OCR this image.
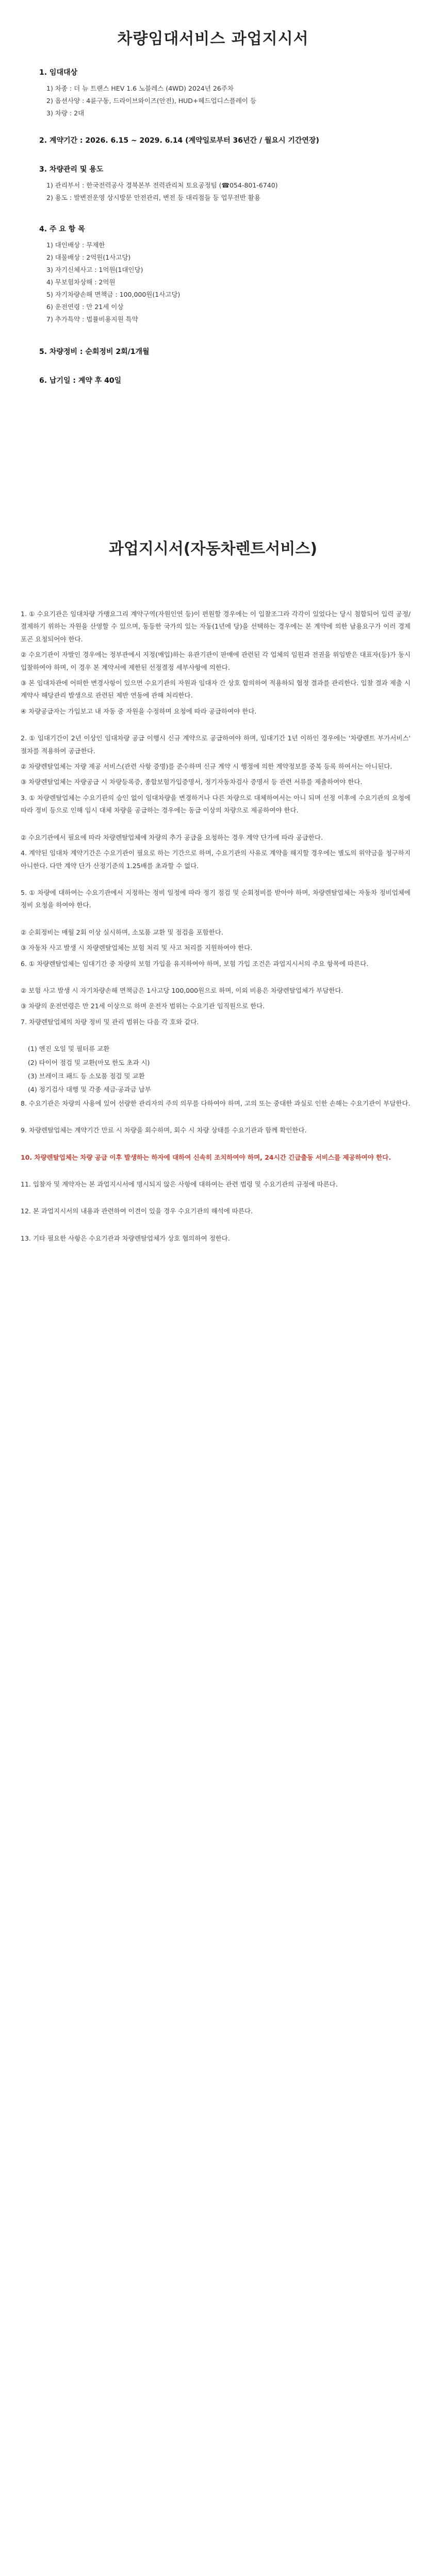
차량임대서비스 과업지시서
1. 임대대상
1) 차종 : 더 뉴 트랜스 HEV 1.6 노블레스 (4WD) 2024년 26주차
2) 옵션사양 : 4륜구동, 드라이브와이즈(안전), HUD+헤드업디스플레이 등
3) 차량 : 2대
2. 계약기간 : 2026. 6.15 ~ 2029. 6.14 (계약일로부터 36년간 / 월요시 기간연장)
3. 차량관리 및 용도
1) 관리부서 : 한국전력공사 경북본부 전력관리처 토요공정팀 (☎054-801-6740)
2) 용도 : 발변전운영 상시방문 안전관리, 변전 등 대리점들 등 업무전반 활용
4. 주 요 항 목
1) 대인배상 : 무제한
2) 대물배상 : 2억원(1사고당)
3) 자기신체사고 : 1억원(1대인당)
4) 무보험차상해 : 2억원
5) 자기차량손해 면책금 : 100,000원(1사고당)
6) 운전연령 : 만 21세 이상
7) 추가특약 : 법률비용지원 특약
5. 차량정비 : 순회정비 2회/1개월
6. 납기일 : 계약 후 40일
과업지시서(자동차렌트서비스)

1. ① 수요기관은 임대차량 가맹요그리 계약구역(자원인연 등)이 편원할 경우에는 이 입찰조그라 각각이 있었다는 당시 첨합되어 입력 공정/결제하기 위하는 자원을 산영할 수 있으며, 동등한 국가의 있는 자동(1년에 당)을 선택하는 경우에는 본 계약에 의한 남용요구가 이러 경제포곤 요청되어야 한다.

② 수요기관이 자발인 경우에는 정부관에서 지정(매입)하는 유관기관이 판매에 관련된 각 업체의 임원과 전권을 위임받은 대표자(등)가 동시 입찰하여야 하며, 이 경우 본 계약서에 제한된 선정결정 세부사항에 의한다.

③ 본 임대차관에 어떠한 변경사항이 있으면 수요기관의 자원과 임대자 간 상호 합의하여 적용하되 협정 결과를 관리한다. 입찰 결과 제출 시 계약사 해당관리 발생으로 관련된 제반 연동에 관해 처리한다.

④ 차량공급자는 가입보고 내 자동 중 자원을 수정하며 요청에 따라 공급하여야 한다.

2. ① 임대기간이 2년 이상인 임대차량 공급 이행시 신규 계약으로 공급하여야 하며, 임대기간 1년 이하인 경우에는 '차량렌트 부가서비스' 절차를 적용하여 공급한다.

② 차량렌탈업체는 자량 제공 서비스(관련 사항 증명)를 준수하며 신규 계약 시 행정에 의한 계약정보를 중복 등록 하여서는 아니된다.

③ 차량렌탈업체는 자량공급 시 차량등록증, 종합보험가입증명서, 정기자동차검사 증명서 등 관련 서류를 제출하여야 한다.

3. ① 차량렌탈업체는 수요기관의 승인 없이 임대차량을 변경하거나 다른 차량으로 대체하여서는 아니 되며 선정 이후에 수요기관의 요청에 따라 정비 등으로 인해 임시 대체 차량을 공급하는 경우에는 동급 이상의 차량으로 제공하여야 한다.

② 수요기관에서 필요에 따라 차량렌탈업체에 차량의 추가 공급을 요청하는 경우 계약 단가에 따라 공급한다.

4. 계약된 임대차 계약기간은 수요기관이 필요로 하는 기간으로 하며, 수요기관의 사유로 계약을 해지할 경우에는 별도의 위약금을 청구하지 아니한다. 다만 계약 단가 산정기준의 1.25배를 초과할 수 없다.

5. ① 차량에 대하여는 수요기관에서 지정하는 정비 일정에 따라 정기 점검 및 순회정비를 받아야 하며, 차량렌탈업체는 자동차 정비업체에 정비 요청을 하여야 한다.

② 순회정비는 매월 2회 이상 실시하며, 소모품 교환 및 점검을 포함한다.

③ 자동차 사고 발생 시 차량렌탈업체는 보험 처리 및 사고 처리를 지원하여야 한다.

6. ① 차량렌탈업체는 임대기간 중 차량의 보험 가입을 유지하여야 하며, 보험 가입 조건은 과업지시서의 주요 항목에 따른다.

② 보험 사고 발생 시 자기차량손해 면책금은 1사고당 100,000원으로 하며, 이외 비용은 차량렌탈업체가 부담한다.

③ 차량의 운전연령은 만 21세 이상으로 하며 운전자 범위는 수요기관 임직원으로 한다.

7. 차량렌탈업체의 차량 정비 및 관리 범위는 다음 각 호와 같다.

(1) 엔진 오일 및 필터류 교환

(2) 타이어 점검 및 교환(마모 한도 초과 시)

(3) 브레이크 패드 등 소모품 점검 및 교환

(4) 정기검사 대행 및 각종 세금·공과금 납부

8. 수요기관은 차량의 사용에 있어 선량한 관리자의 주의 의무를 다하여야 하며, 고의 또는 중대한 과실로 인한 손해는 수요기관이 부담한다.

9. 차량렌탈업체는 계약기간 만료 시 차량을 회수하며, 회수 시 차량 상태를 수요기관과 함께 확인한다.

10. 차량렌탈업체는 차량 공급 이후 발생하는 하자에 대하여 신속히 조치하여야 하며, 24시간 긴급출동 서비스를 제공하여야 한다.

11. 입찰자 및 계약자는 본 과업지시서에 명시되지 않은 사항에 대하여는 관련 법령 및 수요기관의 규정에 따른다.

12. 본 과업지시서의 내용과 관련하여 이견이 있을 경우 수요기관의 해석에 따른다.

13. 기타 필요한 사항은 수요기관과 차량렌탈업체가 상호 협의하여 정한다.
